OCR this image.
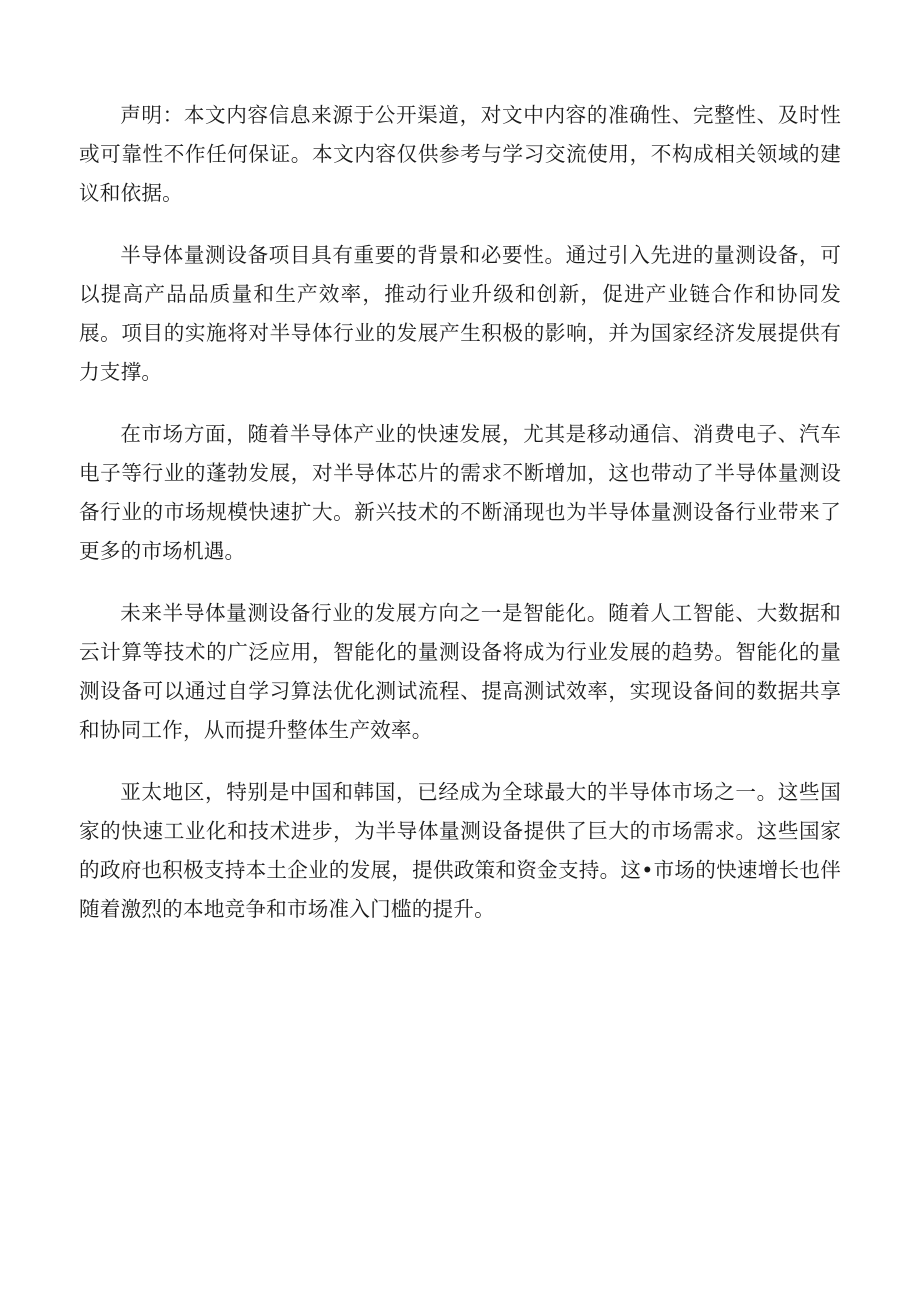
声明：本文内容信息来源于公开渠道，对文中内容的准确性、完整性、及时性或可靠性不作任何保证。本文内容仅供参考与学习交流使用，不构成相关领域的建议和依据。

半导体量测设备项目具有重要的背景和必要性。通过引入先进的量测设备，可以提高产品品质量和生产效率，推动行业升级和创新，促进产业链合作和协同发展。项目的实施将对半导体行业的发展产生积极的影响，并为国家经济发展提供有力支撑。

在市场方面，随着半导体产业的快速发展，尤其是移动通信、消费电子、汽车电子等行业的蓬勃发展，对半导体芯片的需求不断增加，这也带动了半导体量测设备行业的市场规模快速扩大。新兴技术的不断涌现也为半导体量测设备行业带来了更多的市场机遇。

未来半导体量测设备行业的发展方向之一是智能化。随着人工智能、大数据和云计算等技术的广泛应用，智能化的量测设备将成为行业发展的趋势。智能化的量测设备可以通过自学习算法优化测试流程、提高测试效率，实现设备间的数据共享和协同工作，从而提升整体生产效率。

亚太地区，特别是中国和韩国，已经成为全球最大的半导体市场之一。这些国家的快速工业化和技术进步，为半导体量测设备提供了巨大的市场需求。这些国家的政府也积极支持本土企业的发展，提供政策和资金支持。这•市场的快速增长也伴随着激烈的本地竞争和市场准入门槛的提升。
